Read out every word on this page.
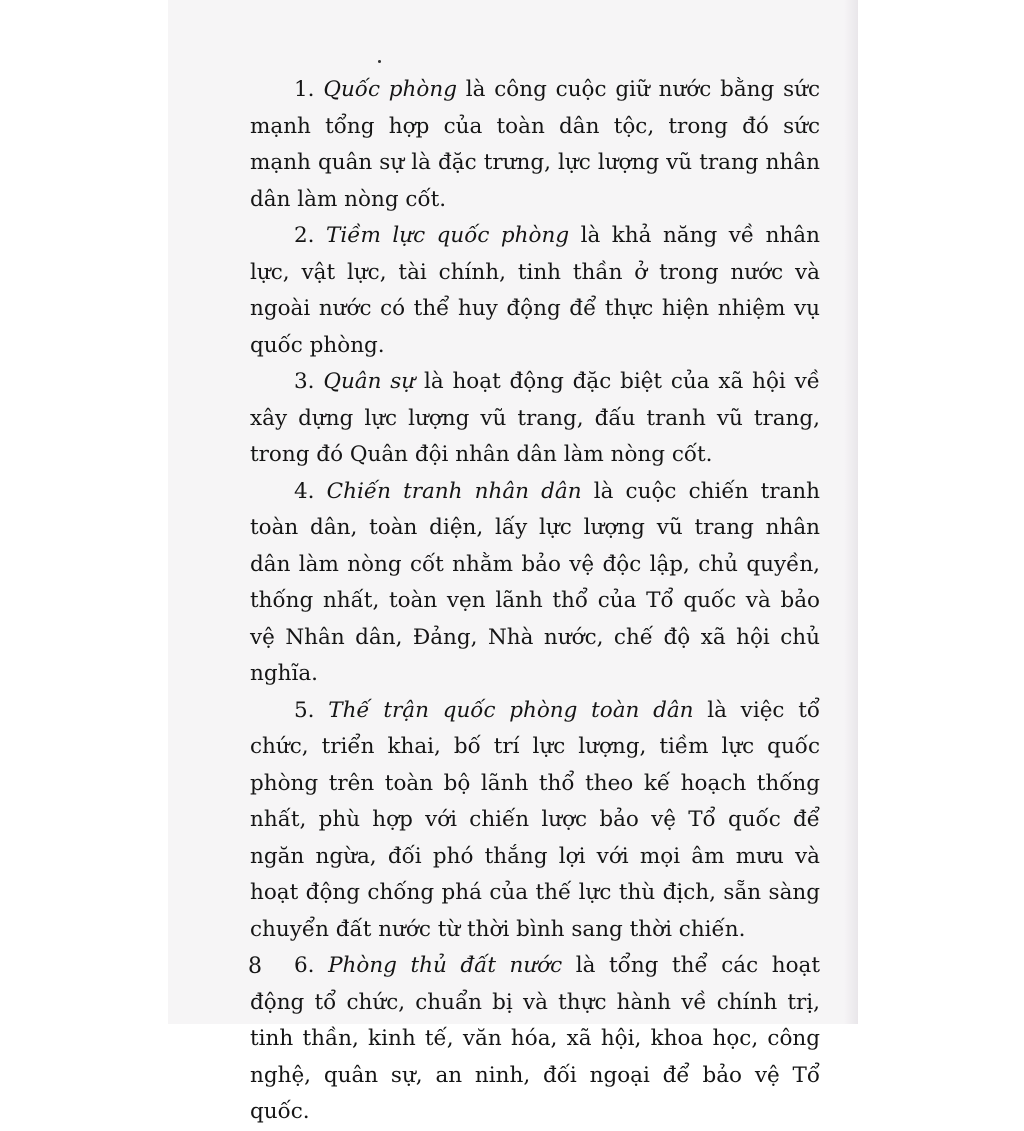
1. Quốc phòng là công cuộc giữ nước bằng sức mạnh tổng hợp của toàn dân tộc, trong đó sức mạnh quân sự là đặc trưng, lực lượng vũ trang nhân dân làm nòng cốt.

2. Tiềm lực quốc phòng là khả năng về nhân lực, vật lực, tài chính, tinh thần ở trong nước và ngoài nước có thể huy động để thực hiện nhiệm vụ quốc phòng.

3. Quân sự là hoạt động đặc biệt của xã hội về xây dựng lực lượng vũ trang, đấu tranh vũ trang, trong đó Quân đội nhân dân làm nòng cốt.

4. Chiến tranh nhân dân là cuộc chiến tranh toàn dân, toàn diện, lấy lực lượng vũ trang nhân dân làm nòng cốt nhằm bảo vệ độc lập, chủ quyền, thống nhất, toàn vẹn lãnh thổ của Tổ quốc và bảo vệ Nhân dân, Đảng, Nhà nước, chế độ xã hội chủ nghĩa.

5. Thế trận quốc phòng toàn dân là việc tổ chức, triển khai, bố trí lực lượng, tiềm lực quốc phòng trên toàn bộ lãnh thổ theo kế hoạch thống nhất, phù hợp với chiến lược bảo vệ Tổ quốc để ngăn ngừa, đối phó thắng lợi với mọi âm mưu và hoạt động chống phá của thế lực thù địch, sẵn sàng chuyển đất nước từ thời bình sang thời chiến.

6. Phòng thủ đất nước là tổng thể các hoạt động tổ chức, chuẩn bị và thực hành về chính trị, tinh thần, kinh tế, văn hóa, xã hội, khoa học, công nghệ, quân sự, an ninh, đối ngoại để bảo vệ Tổ quốc.

8
